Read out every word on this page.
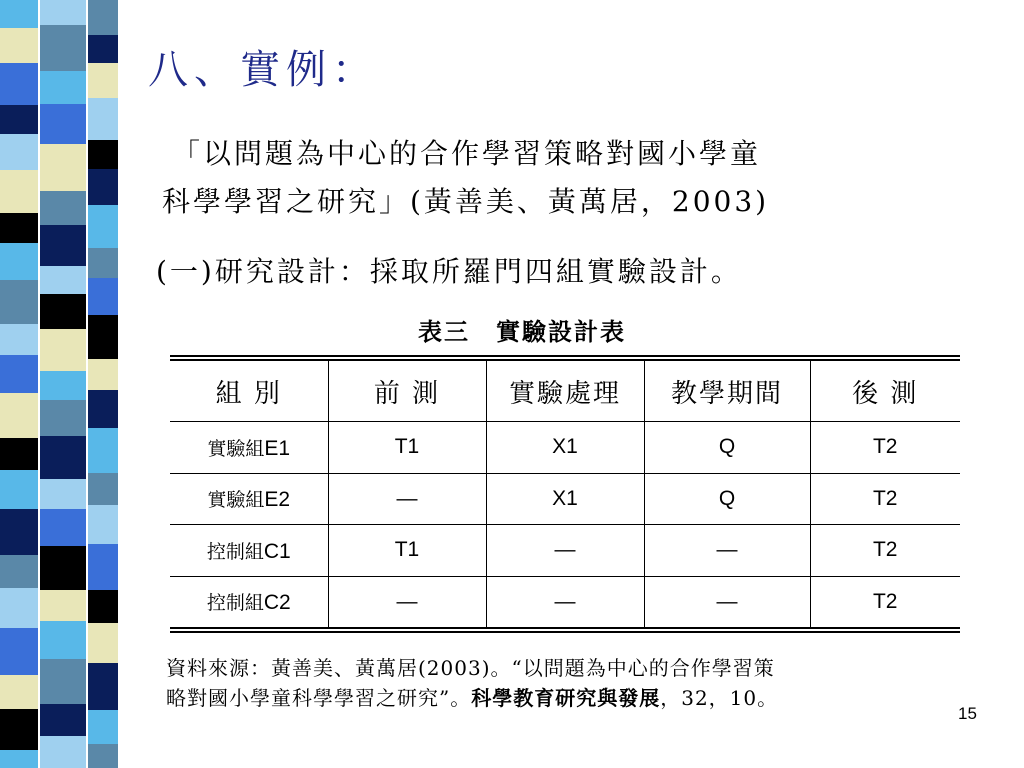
八、實例：
「以問題為中心的合作學習策略對國小學童
科學學習之研究」(黃善美、黃萬居，2003)
(一)研究設計：採取所羅門四組實驗設計。
表三　實驗設計表
組 別	前 測	實驗處理	教學期間	後 測
實驗組E1	T1	X1	Q	T2
實驗組E2	—	X1	Q	T2
控制組C1	T1	—	—	T2
控制組C2	—	—	—	T2
資料來源：黃善美、黃萬居(2003)。“以問題為中心的合作學習策
略對國小學童科學學習之研究”。科學教育研究與發展，32，10。
15
